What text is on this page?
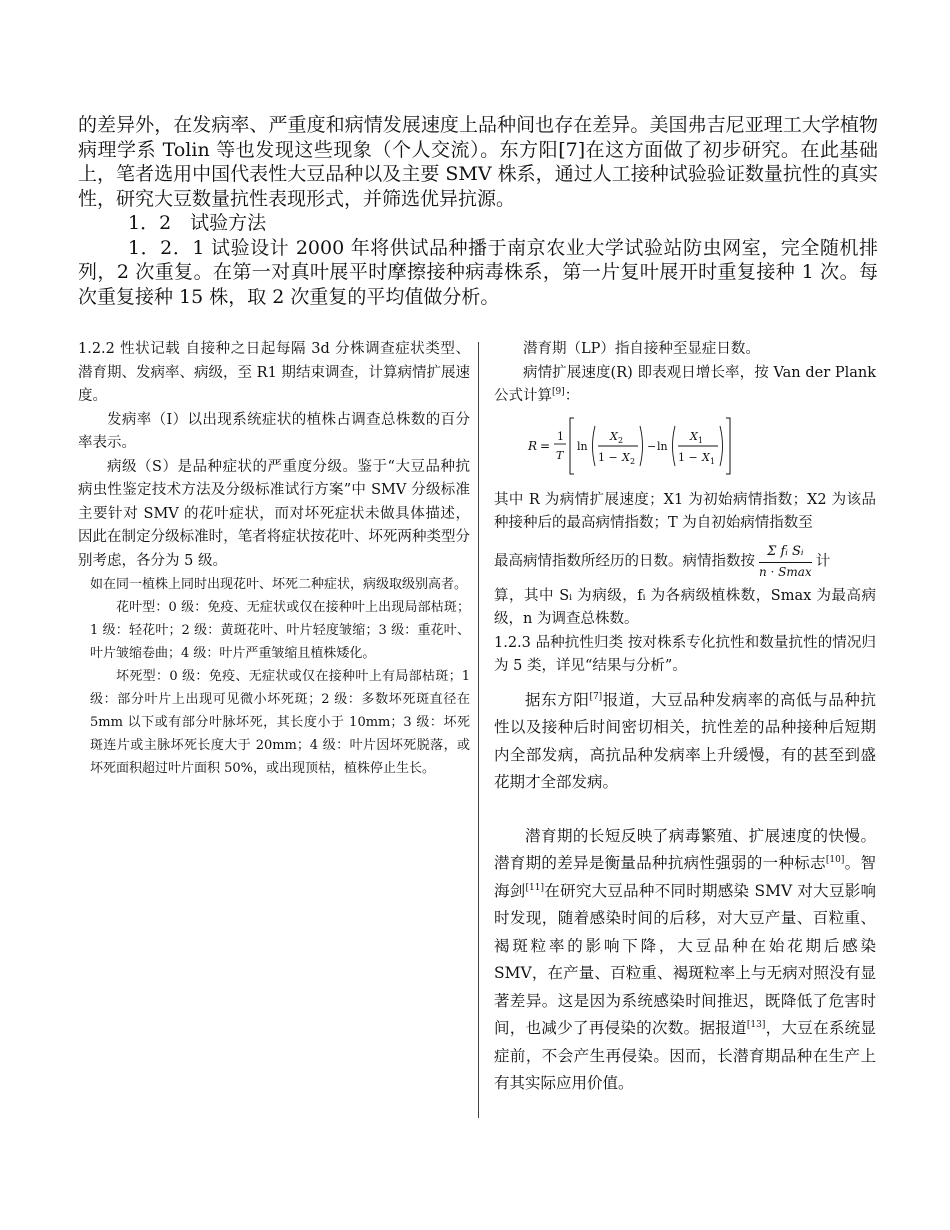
的差异外，在发病率、严重度和病情发展速度上品种间也存在差异。美国弗吉尼亚理工大学植物病理学系 Tolin 等也发现这些现象（个人交流）。东方阳[7]在这方面做了初步研究。在此基础上，笔者选用中国代表性大豆品种以及主要 SMV 株系，通过人工接种试验验证数量抗性的真实性，研究大豆数量抗性表现形式，并筛选优异抗源。

1．2　试验方法

1．2．1 试验设计 2000 年将供试品种播于南京农业大学试验站防虫网室，完全随机排列，2 次重复。在第一对真叶展平时摩擦接种病毒株系，第一片复叶展开时重复接种 1 次。每次重复接种 15 株，取 2 次重复的平均值做分析。

1.2.2 性状记载 自接种之日起每隔 3d 分株调查症状类型、潜育期、发病率、病级，至 R1 期结束调查，计算病情扩展速度。

发病率（I）以出现系统症状的植株占调查总株数的百分率表示。

病级（S）是品种症状的严重度分级。鉴于“大豆品种抗病虫性鉴定技术方法及分级标准试行方案”中 SMV 分级标准主要针对 SMV 的花叶症状，而对坏死症状未做具体描述，因此在制定分级标准时，笔者将症状按花叶、坏死两种类型分别考虑，各分为 5 级。

如在同一植株上同时出现花叶、坏死二种症状，病级取级别高者。

花叶型：0 级：免疫、无症状或仅在接种叶上出现局部枯斑；1 级：轻花叶；2 级：黄斑花叶、叶片轻度皱缩；3 级：重花叶、叶片皱缩卷曲；4 级：叶片严重皱缩且植株矮化。

坏死型：0 级：免疫、无症状或仅在接种叶上有局部枯斑；1 级：部分叶片上出现可见微小坏死斑；2 级：多数坏死斑直径在 5mm 以下或有部分叶脉坏死，其长度小于 10mm；3 级：坏死斑连片或主脉坏死长度大于 20mm；4 级：叶片因坏死脱落，或坏死面积超过叶片面积 50%，或出现顶枯，植株停止生长。

潜育期（LP）指自接种至显症日数。

病情扩展速度(R) 即表观日增长率，按 Van der Plank 公式计算[9]：

R =
1
T
ln
X 2
1 − X 2
− ln
X 1
1 − X 1

其中 R 为病情扩展速度；X1 为初始病情指数；X2 为该品种接种后的最高病情指数；T 为自初始病情指数至

最高病情指数所经历的日数。病情指数按 $\frac{\text{Σ fᵢ Sᵢ}}{n \cdot Smax}$ 计

算，其中 Sᵢ 为病级，fᵢ 为各病级植株数，Smax 为最高病级，n 为调查总株数。

1.2.3 品种抗性归类 按对株系专化抗性和数量抗性的情况归为 5 类，详见“结果与分析”。

据东方阳[7]报道，大豆品种发病率的高低与品种抗性以及接种后时间密切相关，抗性差的品种接种后短期内全部发病，高抗品种发病率上升缓慢，有的甚至到盛花期才全部发病。

潜育期的长短反映了病毒繁殖、扩展速度的快慢。潜育期的差异是衡量品种抗病性强弱的一种标志[10]。智海剑[11]在研究大豆品种不同时期感染 SMV 对大豆影响时发现，随着感染时间的后移，对大豆产量、百粒重、褐斑粒率的影响下降，大豆品种在始花期后感染 SMV，在产量、百粒重、褐斑粒率上与无病对照没有显著差异。这是因为系统感染时间推迟，既降低了危害时间，也减少了再侵染的次数。据报道[13]，大豆在系统显症前，不会产生再侵染。因而，长潜育期品种在生产上有其实际应用价值。
